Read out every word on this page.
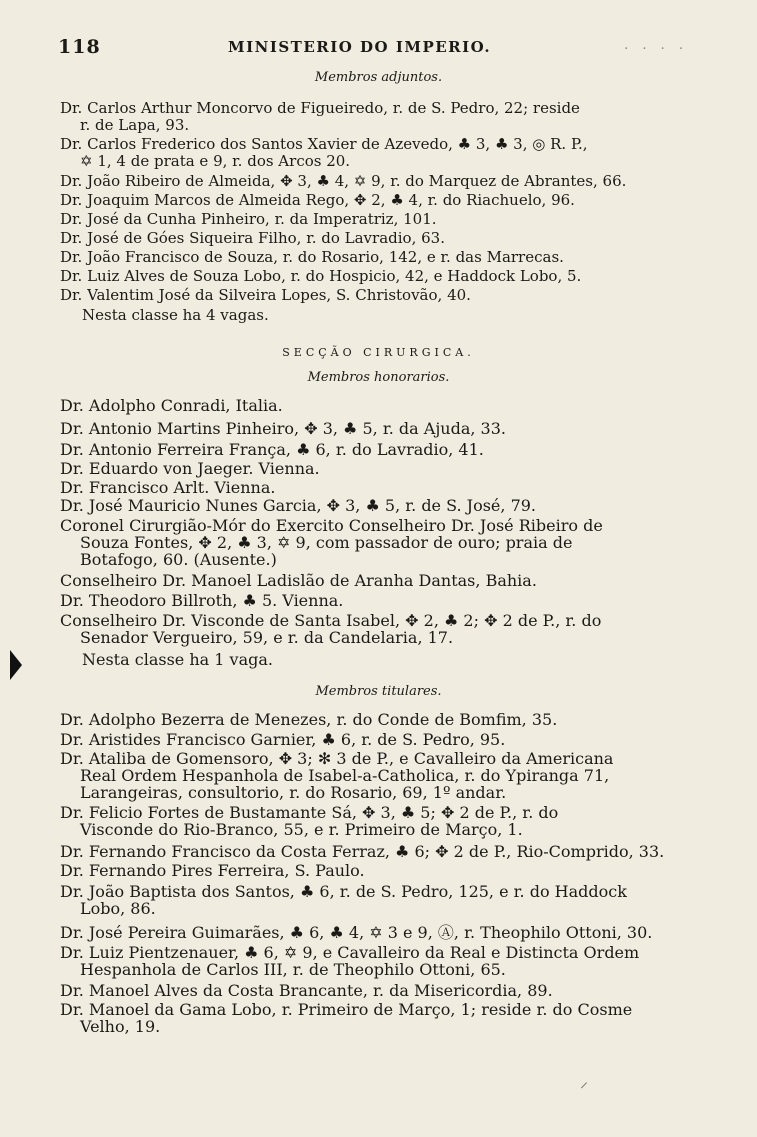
118	MINISTERIO DO IMPERIO.	. . . .
Membros adjuntos.
Dr. Carlos Arthur Moncorvo de Figueiredo, r. de S. Pedro, 22; reside
r. de Lapa, 93.
Dr. Carlos Frederico dos Santos Xavier de Azevedo, ♣ 3, ♣ 3, ◎ R. P.,
✡ 1, 4 de prata e 9, r. dos Arcos 20.
Dr. João Ribeiro de Almeida, ✥ 3, ♣ 4, ✡ 9, r. do Marquez de Abrantes, 66.
Dr. Joaquim Marcos de Almeida Rego, ✥ 2, ♣ 4, r. do Riachuelo, 96.
Dr. José da Cunha Pinheiro, r. da Imperatriz, 101.
Dr. José de Góes Siqueira Filho, r. do Lavradio, 63.
Dr. João Francisco de Souza, r. do Rosario, 142, e r. das Marrecas.
Dr. Luiz Alves de Souza Lobo, r. do Hospicio, 42, e Haddock Lobo, 5.
Dr. Valentim José da Silveira Lopes, S. Christovão, 40.
Nesta classe ha 4 vagas.
SECÇÃO CIRURGICA.
Membros honorarios.
Dr. Adolpho Conradi, Italia.
Dr. Antonio Martins Pinheiro, ✥ 3, ♣ 5, r. da Ajuda, 33.
Dr. Antonio Ferreira França, ♣ 6, r. do Lavradio, 41.
Dr. Eduardo von Jaeger. Vienna.
Dr. Francisco Arlt. Vienna.
Dr. José Mauricio Nunes Garcia, ✥ 3, ♣ 5, r. de S. José, 79.
Coronel Cirurgião-Mór do Exercito Conselheiro Dr. José Ribeiro de
Souza Fontes, ✥ 2, ♣ 3, ✡ 9, com passador de ouro; praia de
Botafogo, 60. (Ausente.)
Conselheiro Dr. Manoel Ladislão de Aranha Dantas, Bahia.
Dr. Theodoro Billroth, ♣ 5. Vienna.
Conselheiro Dr. Visconde de Santa Isabel, ✥ 2, ♣ 2; ✥ 2 de P., r. do
Senador Vergueiro, 59, e r. da Candelaria, 17.
Nesta classe ha 1 vaga.
Membros titulares.
Dr. Adolpho Bezerra de Menezes, r. do Conde de Bomfim, 35.
Dr. Aristides Francisco Garnier, ♣ 6, r. de S. Pedro, 95.
Dr. Ataliba de Gomensoro, ✥ 3; ✻ 3 de P., e Cavalleiro da Americana
Real Ordem Hespanhola de Isabel-a-Catholica, r. do Ypiranga 71,
Larangeiras, consultorio, r. do Rosario, 69, 1º andar.
Dr. Felicio Fortes de Bustamante Sá, ✥ 3, ♣ 5; ✥ 2 de P., r. do
Visconde do Rio-Branco, 55, e r. Primeiro de Março, 1.
Dr. Fernando Francisco da Costa Ferraz, ♣ 6; ✥ 2 de P., Rio-Comprido, 33.
Dr. Fernando Pires Ferreira, S. Paulo.
Dr. João Baptista dos Santos, ♣ 6, r. de S. Pedro, 125, e r. do Haddock
Lobo, 86.
Dr. José Pereira Guimarães, ♣ 6, ♣ 4, ✡ 3 e 9, Ⓐ, r. Theophilo Ottoni, 30.
Dr. Luiz Pientzenauer, ♣ 6, ✡ 9, e Cavalleiro da Real e Distincta Ordem
Hespanhola de Carlos III, r. de Theophilo Ottoni, 65.
Dr. Manoel Alves da Costa Brancante, r. da Misericordia, 89.
Dr. Manoel da Gama Lobo, r. Primeiro de Março, 1; reside r. do Cosme
Velho, 19.
⸝
